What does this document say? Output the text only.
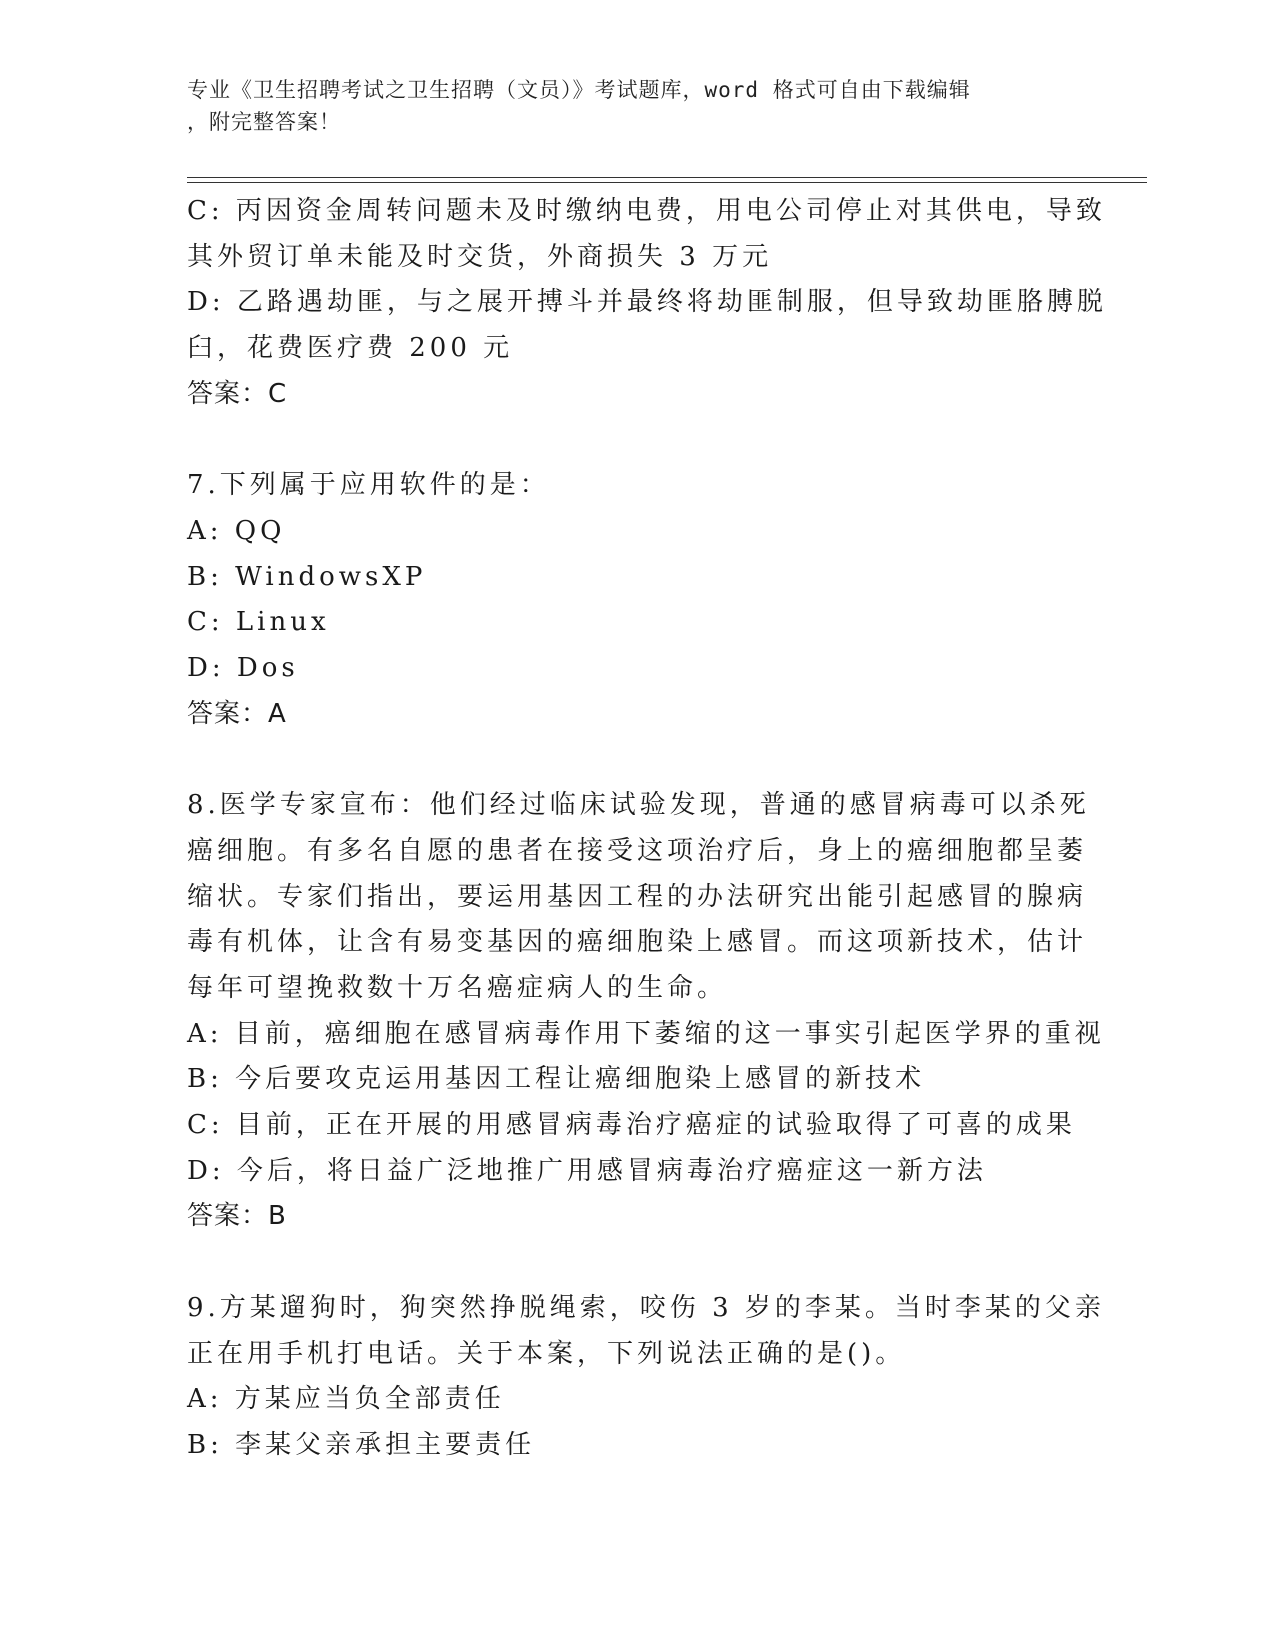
专业《卫生招聘考试之卫生招聘（文员）》考试题库，word 格式可自由下载编辑
，附完整答案！
C: 丙因资金周转问题未及时缴纳电费，用电公司停止对其供电，导致
其外贸订单未能及时交货，外商损失 3 万元
D: 乙路遇劫匪，与之展开搏斗并最终将劫匪制服，但导致劫匪胳膊脱
臼，花费医疗费 200 元
答案：C
7.下列属于应用软件的是：
A: QQ
B: WindowsXP
C: Linux
D: Dos
答案：A
8.医学专家宣布：他们经过临床试验发现，普通的感冒病毒可以杀死
癌细胞。有多名自愿的患者在接受这项治疗后，身上的癌细胞都呈萎
缩状。专家们指出，要运用基因工程的办法研究出能引起感冒的腺病
毒有机体，让含有易变基因的癌细胞染上感冒。而这项新技术，估计
每年可望挽救数十万名癌症病人的生命。
A: 目前，癌细胞在感冒病毒作用下萎缩的这一事实引起医学界的重视
B: 今后要攻克运用基因工程让癌细胞染上感冒的新技术
C: 目前，正在开展的用感冒病毒治疗癌症的试验取得了可喜的成果
D: 今后，将日益广泛地推广用感冒病毒治疗癌症这一新方法
答案：B
9.方某遛狗时，狗突然挣脱绳索，咬伤 3 岁的李某。当时李某的父亲
正在用手机打电话。关于本案，下列说法正确的是()。
A: 方某应当负全部责任
B: 李某父亲承担主要责任
